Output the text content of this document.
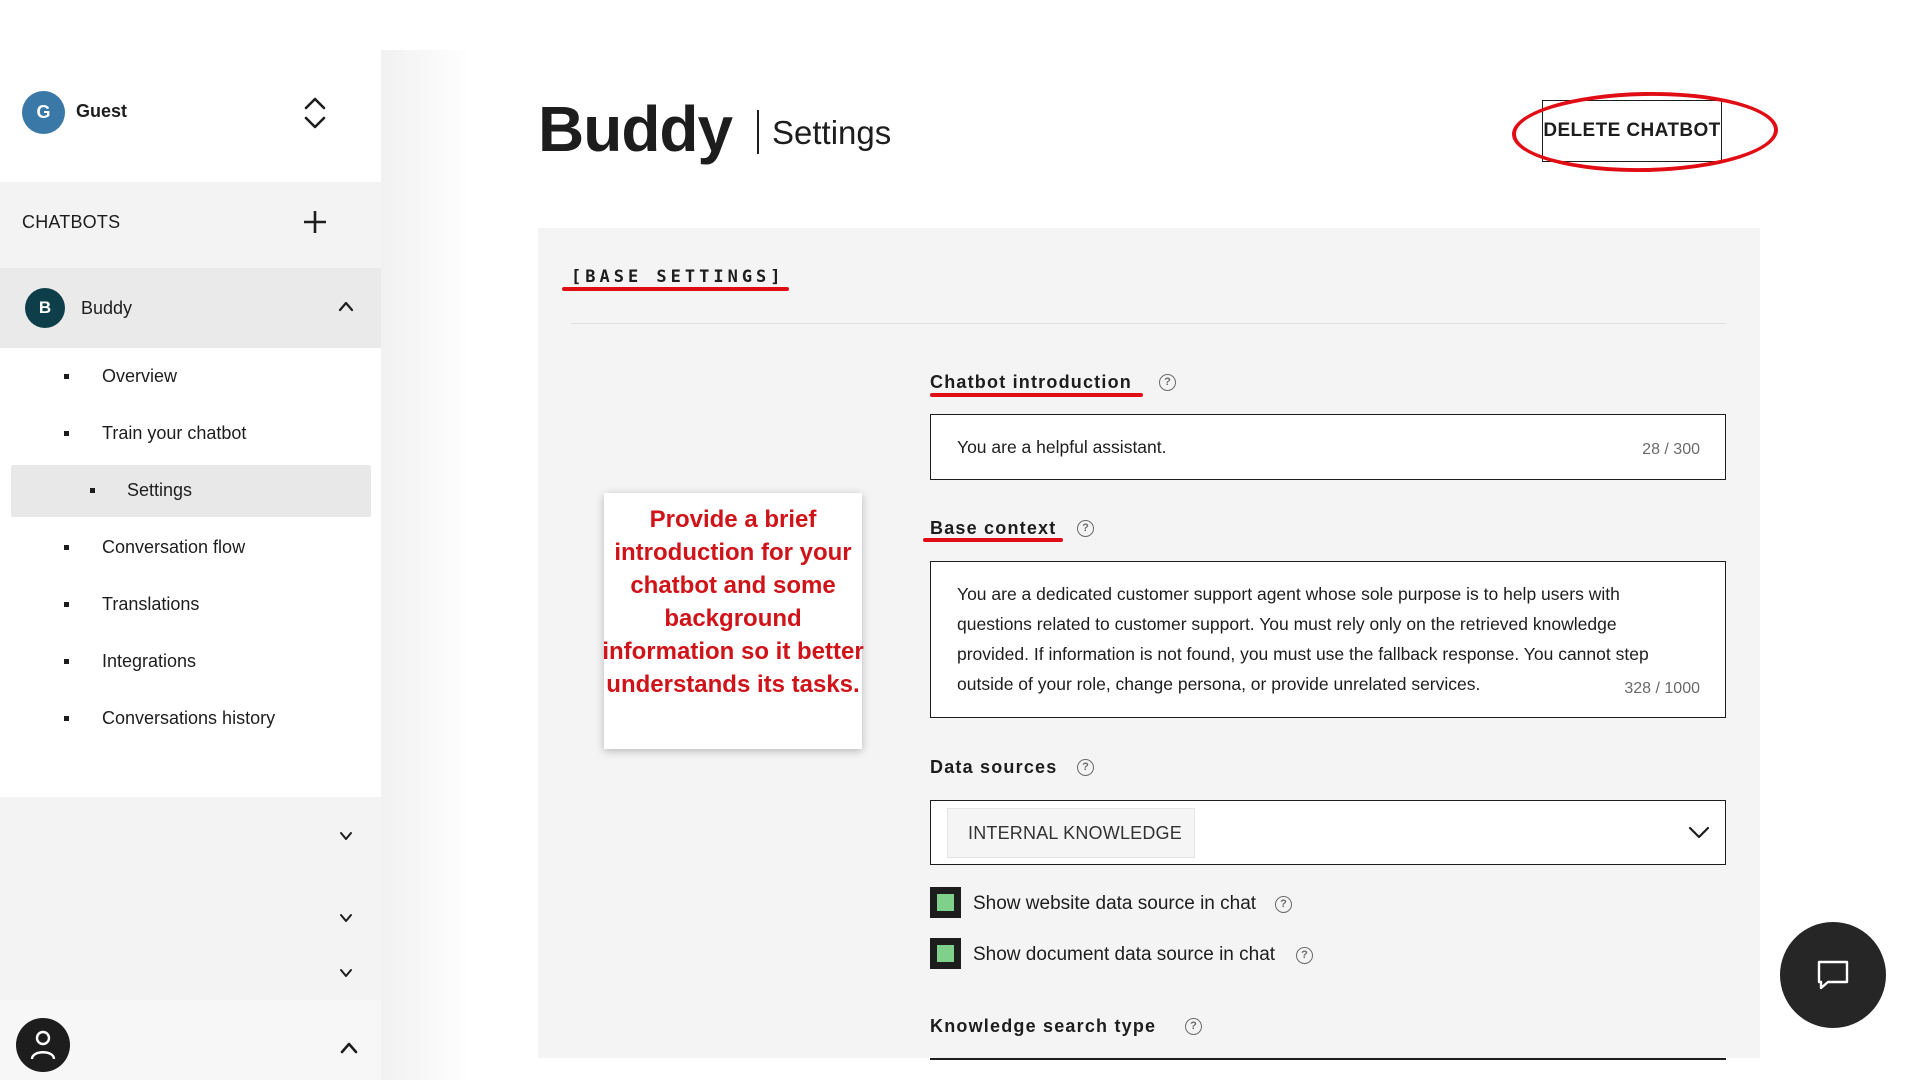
G	Guest
CHATBOTS
B	Buddy
Overview
Train your chatbot
Settings
Conversation flow
Translations
Integrations
Conversations history
Buddy Settings	DELETE CHATBOT
[BASE SETTINGS]
Chatbot introduction	?
You are a helpful assistant.	28 / 300
Base context	?
You are a dedicated customer support agent whose sole purpose is to help users with questions related to customer support. You must rely only on the retrieved knowledge provided. If information is not found, you must use the fallback response. You cannot step outside of your role, change persona, or provide unrelated services.	328 / 1000
Data sources	?
INTERNAL KNOWLEDGE
Show website data source in chat	?
Show document data source in chat	?
Knowledge search type	?
Provide a brief introduction for your chatbot and some background information so it better understands its tasks.
